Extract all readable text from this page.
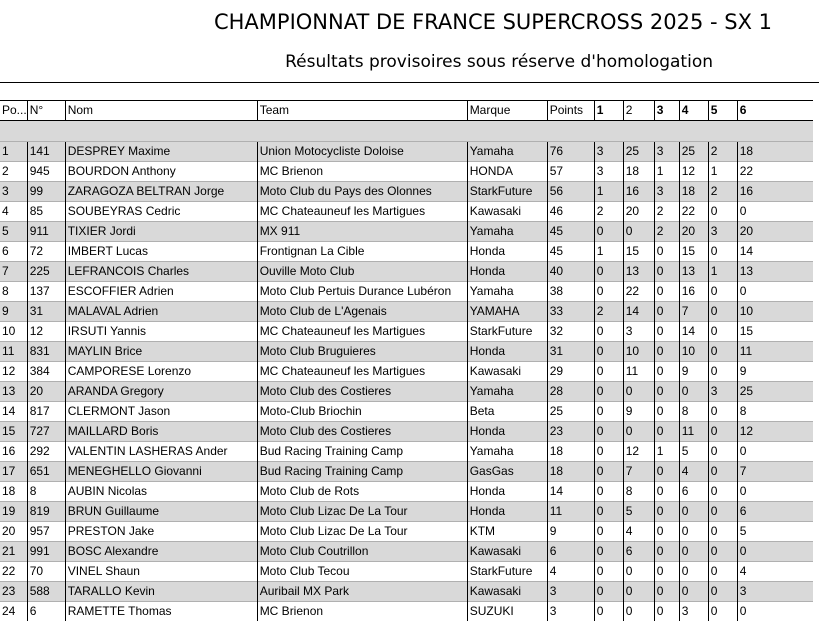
CHAMPIONNAT DE FRANCE SUPERCROSS 2025 - SX 1
Résultats provisoires sous réserve d'homologation
Po...	N°	Nom	Team	Marque	Points	1	2	3	4	5	6

1	141	DESPREY Maxime	Union Motocycliste Doloise	Yamaha	76	3	25	3	25	2	18
2	945	BOURDON Anthony	MC Brienon	HONDA	57	3	18	1	12	1	22
3	99	ZARAGOZA BELTRAN Jorge	Moto Club du Pays des Olonnes	StarkFuture	56	1	16	3	18	2	16
4	85	SOUBEYRAS Cedric	MC Chateauneuf les Martigues	Kawasaki	46	2	20	2	22	0	0
5	911	TIXIER Jordi	MX 911	Yamaha	45	0	0	2	20	3	20
6	72	IMBERT Lucas	Frontignan La Cible	Honda	45	1	15	0	15	0	14
7	225	LEFRANCOIS Charles	Ouville Moto Club	Honda	40	0	13	0	13	1	13
8	137	ESCOFFIER Adrien	Moto Club Pertuis Durance Lubéron	Yamaha	38	0	22	0	16	0	0
9	31	MALAVAL Adrien	Moto Club de L'Agenais	YAMAHA	33	2	14	0	7	0	10
10	12	IRSUTI Yannis	MC Chateauneuf les Martigues	StarkFuture	32	0	3	0	14	0	15
11	831	MAYLIN Brice	Moto Club Bruguieres	Honda	31	0	10	0	10	0	11
12	384	CAMPORESE Lorenzo	MC Chateauneuf les Martigues	Kawasaki	29	0	11	0	9	0	9
13	20	ARANDA Gregory	Moto Club des Costieres	Yamaha	28	0	0	0	0	3	25
14	817	CLERMONT Jason	Moto-Club Briochin	Beta	25	0	9	0	8	0	8
15	727	MAILLARD Boris	Moto Club des Costieres	Honda	23	0	0	0	11	0	12
16	292	VALENTIN LASHERAS Ander	Bud Racing Training Camp	Yamaha	18	0	12	1	5	0	0
17	651	MENEGHELLO Giovanni	Bud Racing Training Camp	GasGas	18	0	7	0	4	0	7
18	8	AUBIN Nicolas	Moto Club de Rots	Honda	14	0	8	0	6	0	0
19	819	BRUN Guillaume	Moto Club Lizac De La Tour	Honda	11	0	5	0	0	0	6
20	957	PRESTON Jake	Moto Club Lizac De La Tour	KTM	9	0	4	0	0	0	5
21	991	BOSC Alexandre	Moto Club Coutrillon	Kawasaki	6	0	6	0	0	0	0
22	70	VINEL Shaun	Moto Club Tecou	StarkFuture	4	0	0	0	0	0	4
23	588	TARALLO Kevin	Auribail MX Park	Kawasaki	3	0	0	0	0	0	3
24	6	RAMETTE Thomas	MC Brienon	SUZUKI	3	0	0	0	3	0	0
